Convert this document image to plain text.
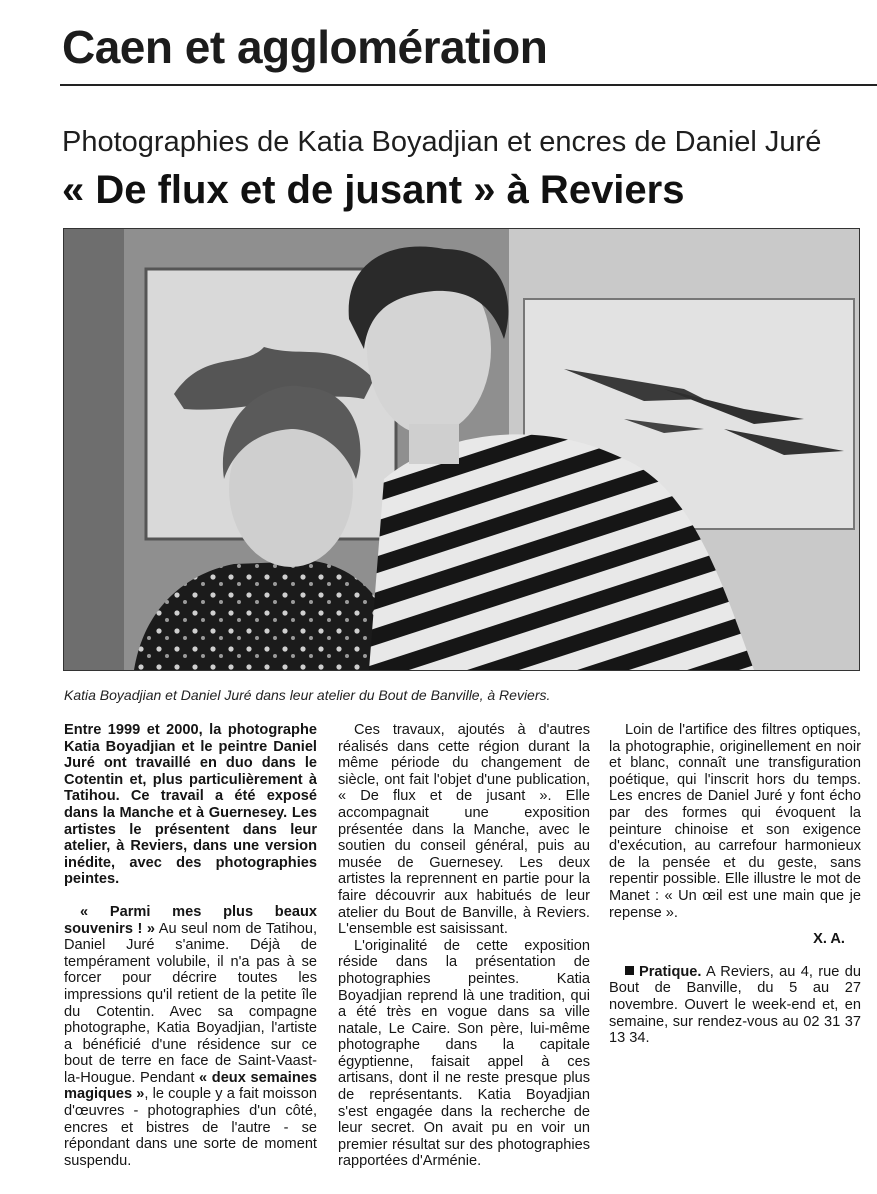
Caen et agglomération
Photographies de Katia Boyadjian et encres de Daniel Juré
« De flux et de jusant » à Reviers
Katia Boyadjian et Daniel Juré dans leur atelier du Bout de Banville, à Reviers.

Entre 1999 et 2000, la photographe Katia Boyadjian et le peintre Daniel Juré ont travaillé en duo dans le Cotentin et, plus particulièrement à Tatihou. Ce travail a été exposé dans la Manche et à Guernesey. Les artistes le présentent dans leur atelier, à Reviers, dans une version inédite, avec des photographies peintes.

« Parmi mes plus beaux souvenirs ! » Au seul nom de Tatihou, Daniel Juré s'anime. Déjà de tempérament volubile, il n'a pas à se forcer pour décrire toutes les impressions qu'il retient de la petite île du Cotentin. Avec sa compagne photographe, Katia Boyadjian, l'artiste a bénéficié d'une résidence sur ce bout de terre en face de Saint-Vaast-la-Hougue. Pendant « deux semaines magiques », le couple y a fait moisson d'œuvres - photographies d'un côté, encres et bistres de l'autre - se répondant dans une sorte de moment suspendu.

Ces travaux, ajoutés à d'autres réalisés dans cette région durant la même période du changement de siècle, ont fait l'objet d'une publication, « De flux et de jusant ». Elle accompagnait une exposition présentée dans la Manche, avec le soutien du conseil général, puis au musée de Guernesey. Les deux artistes la reprennent en partie pour la faire découvrir aux habitués de leur atelier du Bout de Banville, à Reviers. L'ensemble est saisissant.

L'originalité de cette exposition réside dans la présentation de photographies peintes. Katia Boyadjian reprend là une tradition, qui a été très en vogue dans sa ville natale, Le Caire. Son père, lui-même photographe dans la capitale égyptienne, faisait appel à ces artisans, dont il ne reste presque plus de représentants. Katia Boyadjian s'est engagée dans la recherche de leur secret. On avait pu en voir un premier résultat sur des photographies rapportées d'Arménie.

Loin de l'artifice des filtres optiques, la photographie, originellement en noir et blanc, connaît une transfiguration poétique, qui l'inscrit hors du temps. Les encres de Daniel Juré y font écho par des formes qui évoquent la peinture chinoise et son exigence d'exécution, au carrefour harmonieux de la pensée et du geste, sans repentir possible. Elle illustre le mot de Manet : « Un œil est une main que je repense ».

X. A.

Pratique. A Reviers, au 4, rue du Bout de Banville, du 5 au 27 novembre. Ouvert le week-end et, en semaine, sur rendez-vous au 02 31 37 13 34.
